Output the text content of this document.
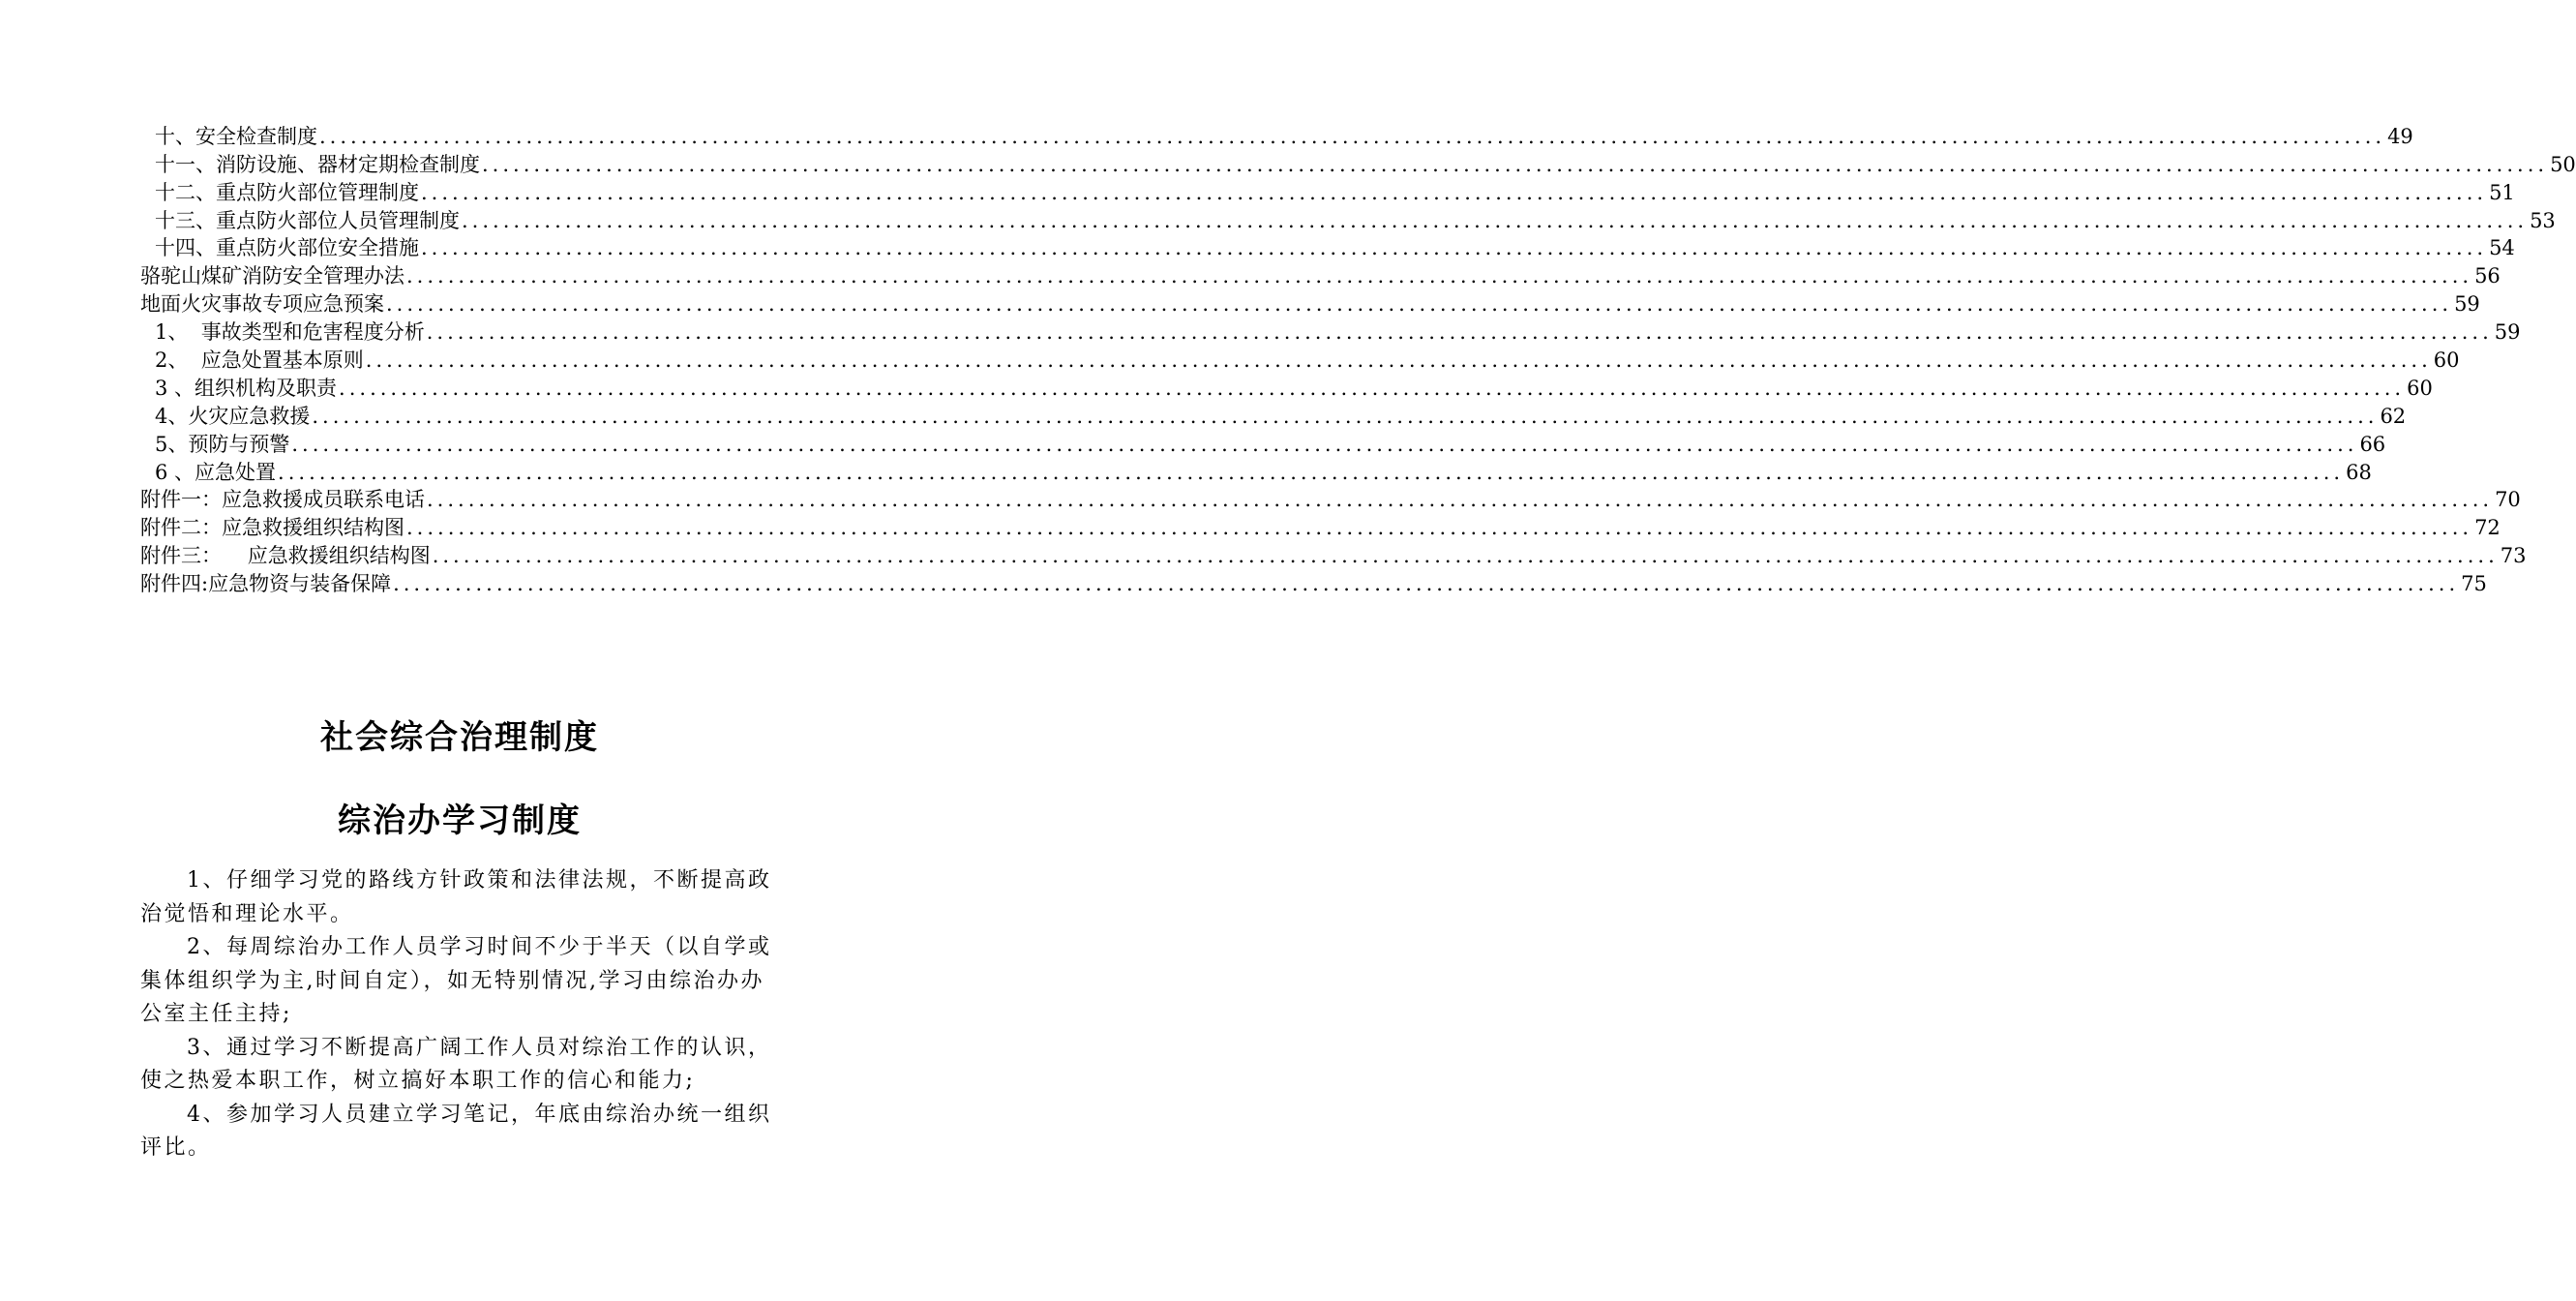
十、安全检查制度 ........................................................................................................................................................................................................ 49
十一、消防设施、器材定期检查制度 ........................................................................................................................................................................................................ 50
十二、重点防火部位管理制度 ........................................................................................................................................................................................................ 51
十三、重点防火部位人员管理制度 ........................................................................................................................................................................................................ 53
十四、重点防火部位安全措施 ........................................................................................................................................................................................................ 54
骆驼山煤矿消防安全管理办法 ........................................................................................................................................................................................................ 56
地面火灾事故专项应急预案 ........................................................................................................................................................................................................ 59
1、  事故类型和危害程度分析 ........................................................................................................................................................................................................ 59
2、  应急处置基本原则 ........................................................................................................................................................................................................ 60
3 、组织机构及职责 ........................................................................................................................................................................................................ 60
4、火灾应急救援 ........................................................................................................................................................................................................ 62
5、预防与预警 ........................................................................................................................................................................................................ 66
6 、应急处置 ........................................................................................................................................................................................................ 68
附件一：应急救援成员联系电话 ........................................................................................................................................................................................................ 70
附件二：应急救援组织结构图 ........................................................................................................................................................................................................ 72
附件三：    应急救援组织结构图 ........................................................................................................................................................................................................ 73
附件四:应急物资与装备保障 ........................................................................................................................................................................................................ 75
社会综合治理制度
综治办学习制度

1、仔细学习党的路线方针政策和法律法规，不断提高政治觉悟和理论水平。

2、每周综治办工作人员学习时间不少于半天（以自学或集体组织学为主,时间自定），如无特别情况,学习由综治办办公室主任主持;

3、通过学习不断提高广阔工作人员对综治工作的认识，使之热爱本职工作，树立搞好本职工作的信心和能力;

4、参加学习人员建立学习笔记，年底由综治办统一组织评比。
